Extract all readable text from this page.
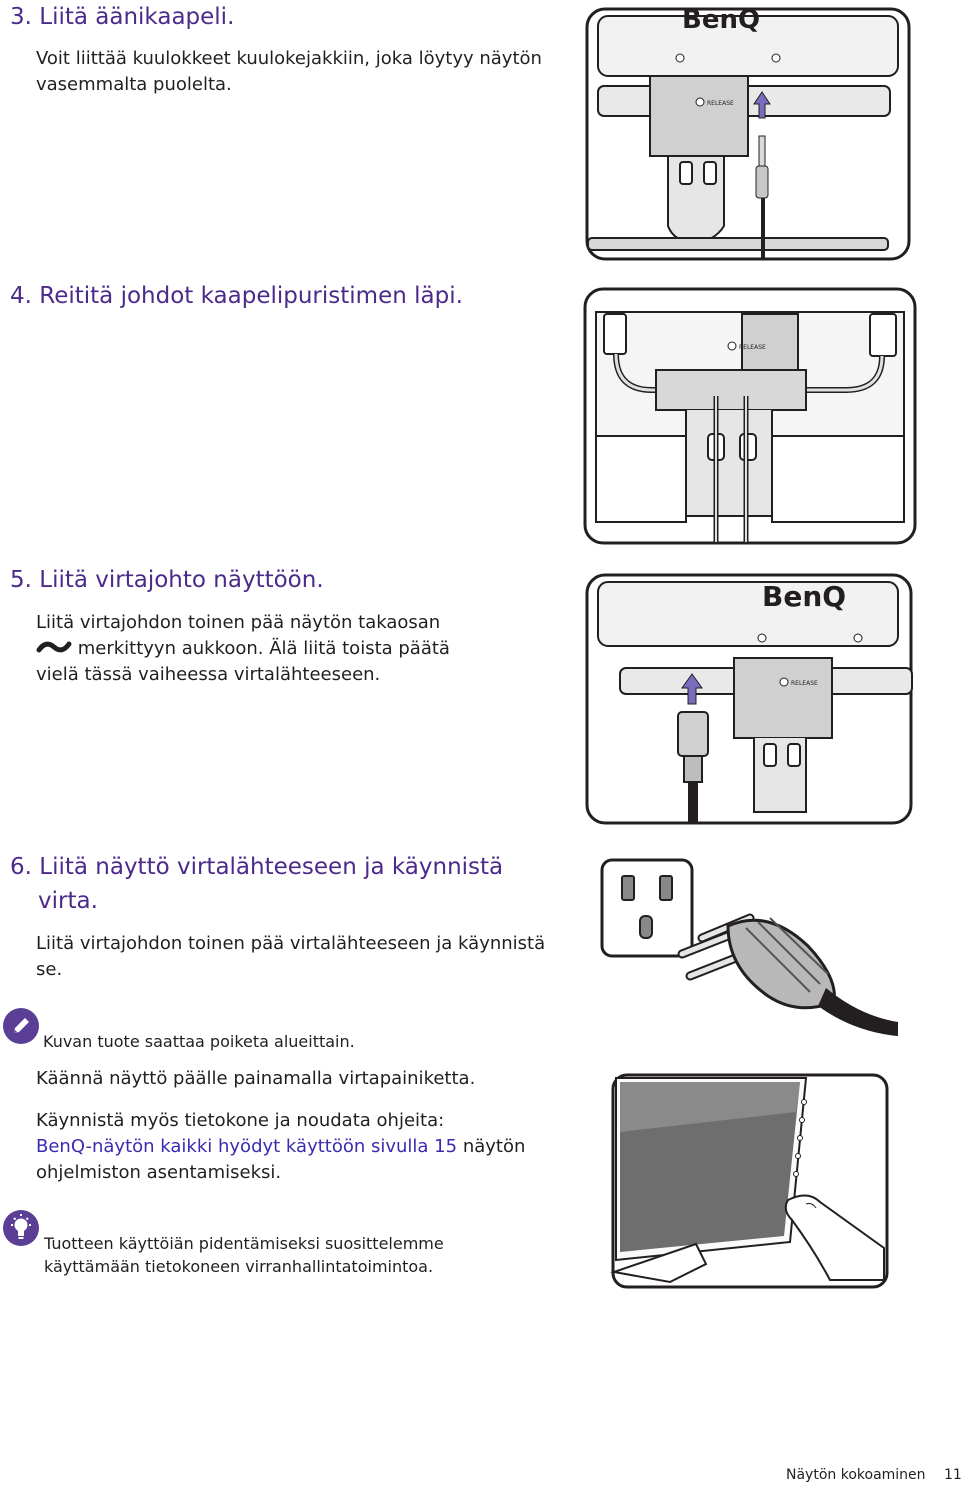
3. Liitä äänikaapeli.

Voit liittää kuulokkeet kuulokejakkiin, joka löytyy näytön vasemmalta puolelta.

BenQ
RELEASE
4. Reititä johdot kaapelipuristimen läpi.
RELEASE
5. Liitä virtajohto näyttöön.

Liitä virtajohdon toinen pää näytön takaosan  merkittyyn aukkoon. Älä liitä toista päätä vielä tässä vaiheessa virtalähteeseen.

BenQ
RELEASE
6. Liitä näyttö virtalähteeseen ja käynnistä
virta.

Liitä virtajohdon toinen pää virtalähteeseen ja käynnistä se.

Kuvan tuote saattaa poiketa alueittain.

Käännä näyttö päälle painamalla virtapainiketta.

Käynnistä myös tietokone ja noudata ohjeita:
BenQ-näytön kaikki hyödyt käyttöön sivulla 15 näytön ohjelmiston asentamiseksi.

Tuotteen käyttöiän pidentämiseksi suosittelemme käyttämään tietokoneen virranhallintatoimintoa.

Näytön kokoaminen 11
